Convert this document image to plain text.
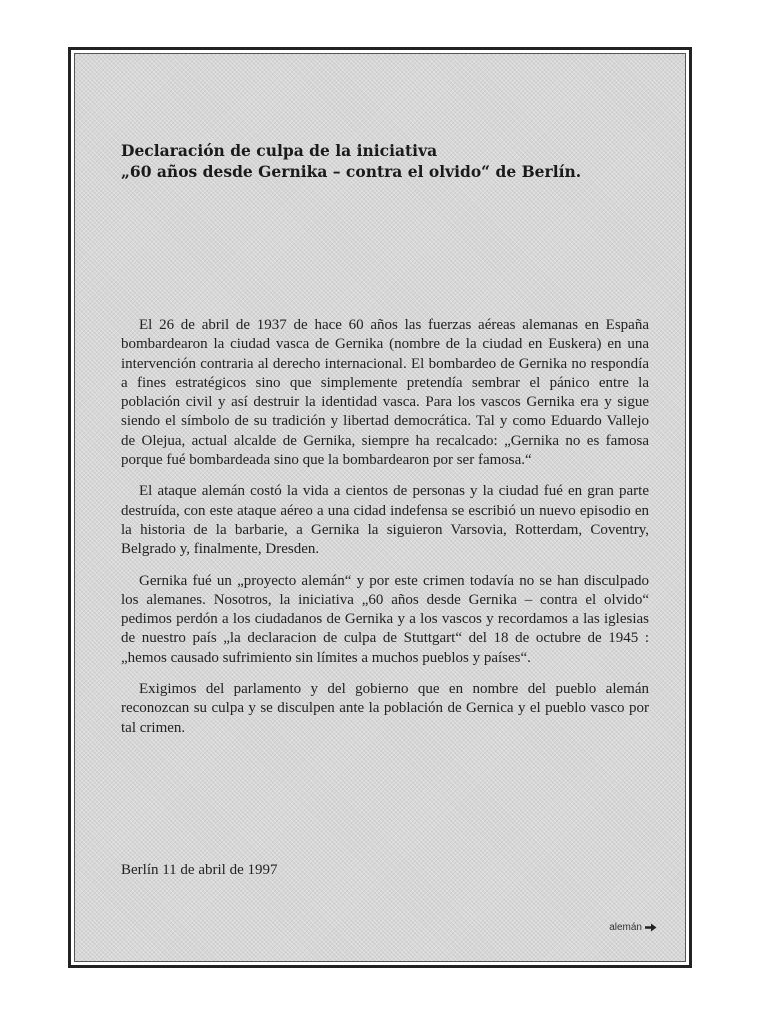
Declaración de culpa de la iniciativa
„60 años desde Gernika – contra el olvido“ de Berlín.

El 26 de abril de 1937 de hace 60 años las fuerzas aéreas alemanas en España bombardearon la ciudad vasca de Gernika (nombre de la ciudad en Euskera) en una intervención contraria al derecho internacional. El bombardeo de Gernika no respondía a fines estratégicos sino que simplemente pretendía sembrar el pánico entre la población civil y así destruir la identidad vasca. Para los vascos Gernika era y sigue siendo el símbolo de su tradición y libertad democrática. Tal y como Eduardo Vallejo de Olejua, actual alcalde de Gernika, siempre ha recalcado: „Gernika no es famosa porque fué bombardeada sino que la bombardearon por ser famosa.“

El ataque alemán costó la vida a cientos de personas y la ciudad fué en gran parte destruída, con este ataque aéreo a una cidad indefensa se escribió un nuevo episodio en la historia de la barbarie, a Gernika la siguieron Varsovia, Rotterdam, Coventry, Belgrado y, finalmente, Dresden.

Gernika fué un „proyecto alemán“ y por este crimen todavía no se han disculpado los alemanes. Nosotros, la iniciativa „60 años desde Gernika – contra el olvido“ pedimos perdón a los ciudadanos de Gernika y a los vascos y recordamos a las iglesias de nuestro país „la declaracion de culpa de Stuttgart“ del 18 de octubre de 1945 : „hemos causado sufrimiento sin límites a muchos pueblos y países“.

Exigimos del parlamento y del gobierno que en nombre del pueblo alemán reconozcan su culpa y se disculpen ante la población de Gernica y el pueblo vasco por tal crimen.

Berlín 11 de abril de 1997
alemán
